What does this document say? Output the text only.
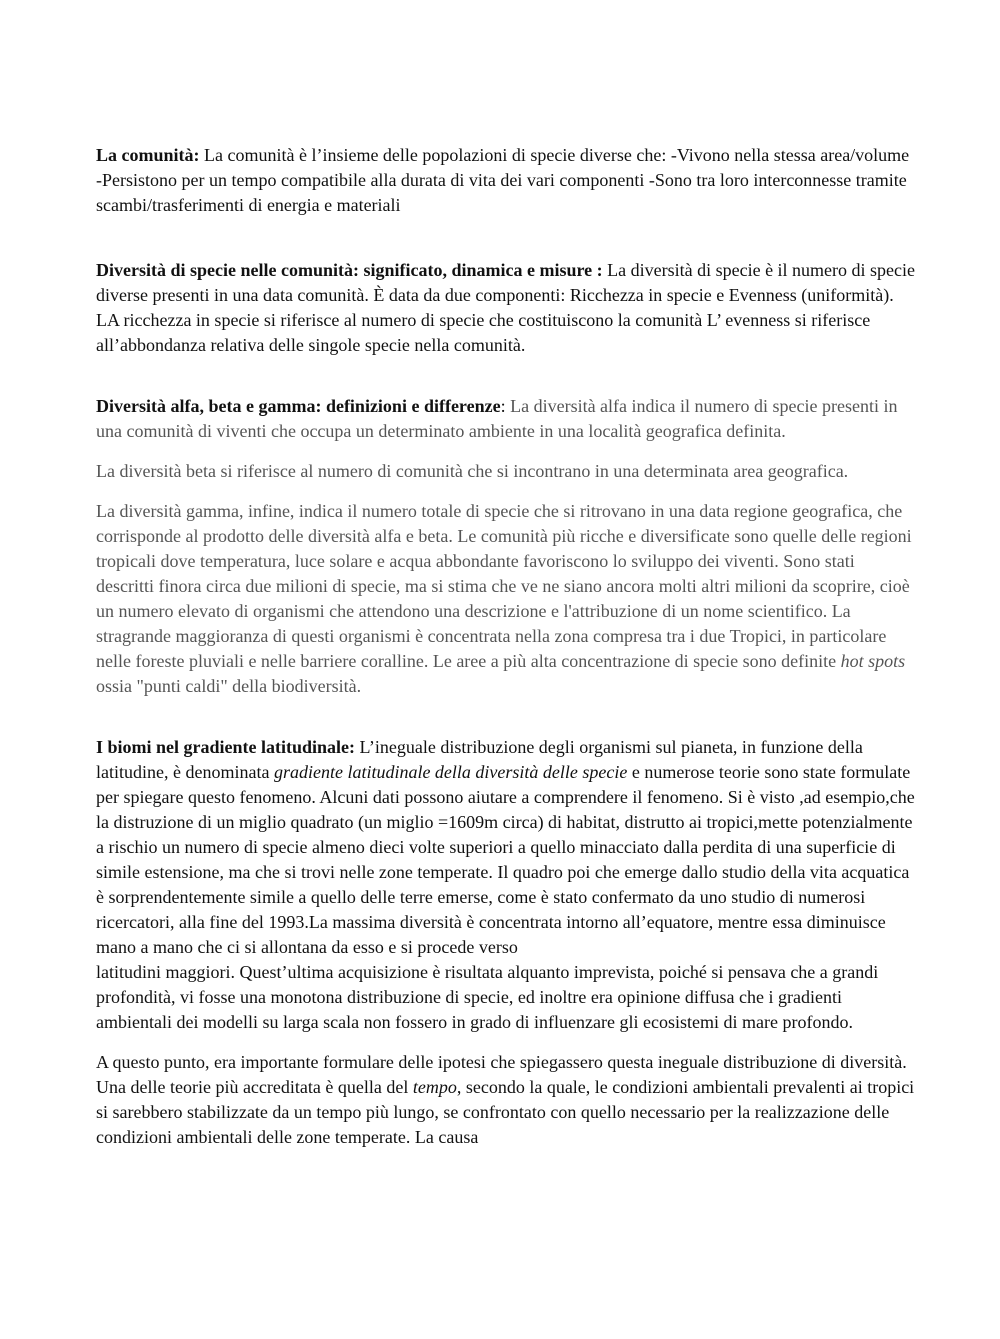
La comunità: La comunità è l’insieme delle popolazioni di specie diverse che: -Vivono nella stessa area/volume -Persistono per un tempo compatibile alla durata di vita dei vari componenti -Sono tra loro interconnesse tramite scambi/trasferimenti di energia e materiali

Diversità di specie nelle comunità: significato, dinamica e misure : La diversità di specie è il numero di specie diverse presenti in una data comunità. È data da due componenti: Ricchezza in specie e Evenness (uniformità). LA ricchezza in specie si riferisce al numero di specie che costituiscono la comunità L’ evenness si riferisce all’abbondanza relativa delle singole specie nella comunità.

Diversità alfa, beta e gamma: definizioni e differenze: La diversità alfa indica il numero di specie presenti in una comunità di viventi che occupa un determinato ambiente in una località geografica definita.

La diversità beta si riferisce al numero di comunità che si incontrano in una determinata area geografica.

La diversità gamma, infine, indica il numero totale di specie che si ritrovano in una data regione geografica, che corrisponde al prodotto delle diversità alfa e beta. Le comunità più ricche e diversificate sono quelle delle regioni tropicali dove temperatura, luce solare e acqua abbondante favoriscono lo sviluppo dei viventi. Sono stati descritti finora circa due milioni di specie, ma si stima che ve ne siano ancora molti altri milioni da scoprire, cioè un numero elevato di organismi che attendono una descrizione e l'attribuzione di un nome scientifico. La stragrande maggioranza di questi organismi è concentrata nella zona compresa tra i due Tropici, in particolare nelle foreste pluviali e nelle barriere coralline. Le aree a più alta concentrazione di specie sono definite hot spots ossia "punti caldi" della biodiversità.

I biomi nel gradiente latitudinale: L’ineguale distribuzione degli organismi sul pianeta, in funzione della latitudine, è denominata gradiente latitudinale della diversità delle specie e numerose teorie sono state formulate per spiegare questo fenomeno. Alcuni dati possono aiutare a comprendere il fenomeno. Si è visto ,ad esempio,che la distruzione di un miglio quadrato (un miglio =1609m circa) di habitat, distrutto ai tropici,mette potenzialmente a rischio un numero di specie almeno dieci volte superiori a quello minacciato dalla perdita di una superficie di simile estensione, ma che si trovi nelle zone temperate. Il quadro poi che emerge dallo studio della vita acquatica è sorprendentemente simile a quello delle terre emerse, come è stato confermato da uno studio di numerosi ricercatori, alla fine del 1993.La massima diversità è concentrata intorno all’equatore, mentre essa diminuisce mano a mano che ci si allontana da esso e si procede verso
latitudini maggiori. Quest’ultima acquisizione è risultata alquanto imprevista, poiché si pensava che a grandi profondità, vi fosse una monotona distribuzione di specie, ed inoltre era opinione diffusa che i gradienti ambientali dei modelli su larga scala non fossero in grado di influenzare gli ecosistemi di mare profondo.

A questo punto, era importante formulare delle ipotesi che spiegassero questa ineguale distribuzione di diversità. Una delle teorie più accreditata è quella del tempo, secondo la quale, le condizioni ambientali prevalenti ai tropici si sarebbero stabilizzate da un tempo più lungo, se confrontato con quello necessario per la realizzazione delle condizioni ambientali delle zone temperate. La causa
